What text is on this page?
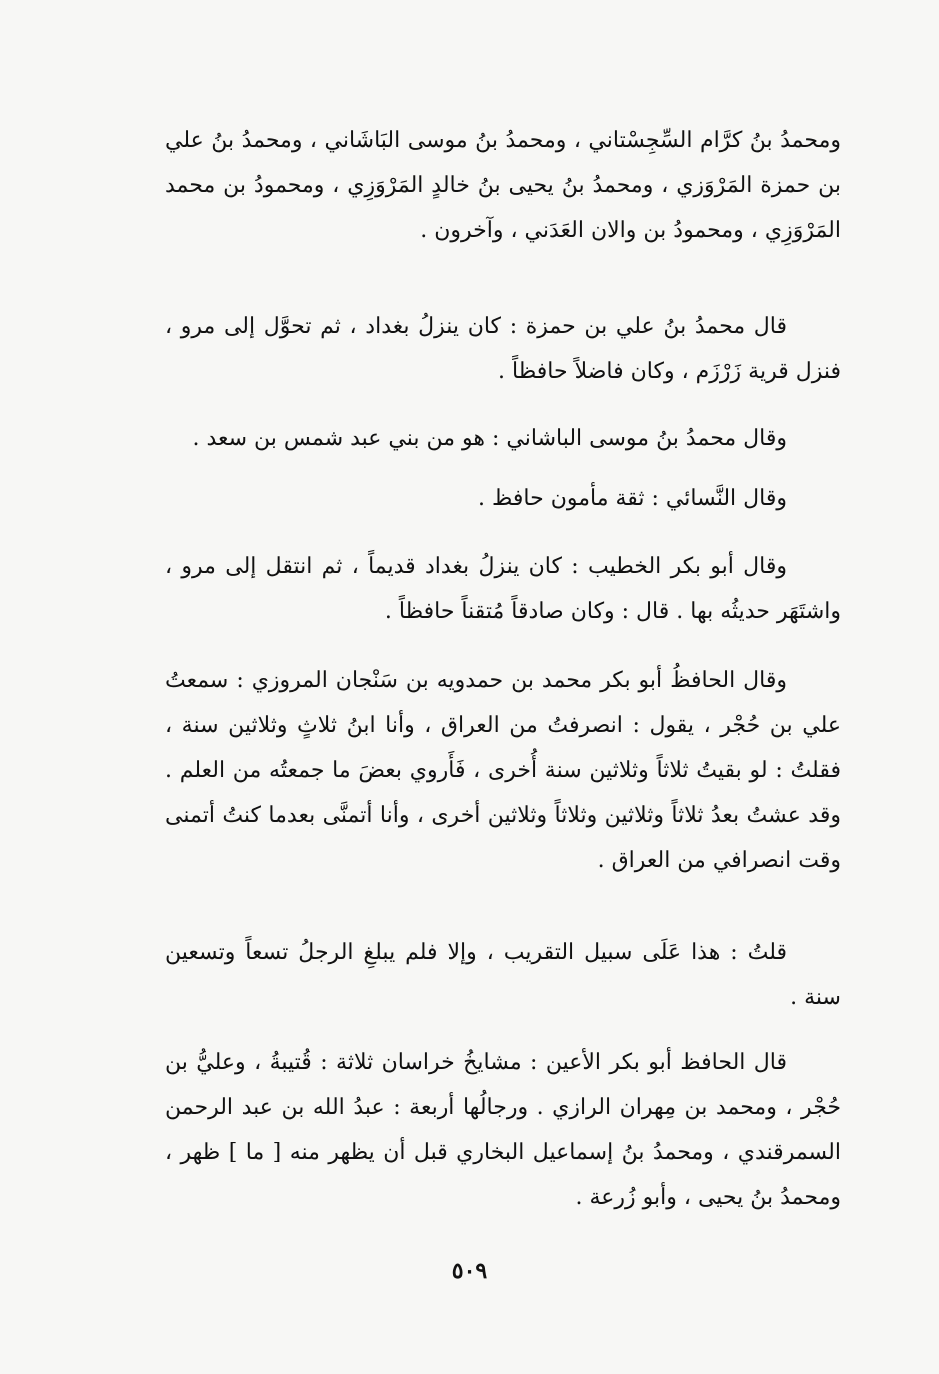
ومحمدُ بنُ كرَّام السِّجِسْتاني ، ومحمدُ بنُ موسى البَاشَاني ، ومحمدُ بنُ علي بن حمزة المَرْوَزي ، ومحمدُ بنُ يحيى بنُ خالدٍ المَرْوَزِي ، ومحمودُ بن محمد المَرْوَزِي ، ومحمودُ بن والان العَدَني ، وآخرون .

قال محمدُ بنُ علي بن حمزة : كان ينزلُ بغداد ، ثم تحوَّل إلى مرو ، فنزل قرية زَرْزَم ، وكان فاضلاً حافظاً .

وقال محمدُ بنُ موسى الباشاني : هو من بني عبد شمس بن سعد .

وقال النَّسائي : ثقة مأمون حافظ .

وقال أبو بكر الخطيب : كان ينزلُ بغداد قديماً ، ثم انتقل إلى مرو ، واشتَهَر حديثُه بها . قال : وكان صادقاً مُتقناً حافظاً .

وقال الحافظُ أبو بكر محمد بن حمدويه بن سَنْجان المروزي : سمعتُ علي بن حُجْر ، يقول : انصرفتُ من العراق ، وأنا ابنُ ثلاثٍ وثلاثين سنة ، فقلتُ : لو بقيتُ ثلاثاً وثلاثين سنة أُخرى ، فَأَروي بعضَ ما جمعتُه من العلم . وقد عشتُ بعدُ ثلاثاً وثلاثين وثلاثاً وثلاثين أخرى ، وأنا أتمنَّى بعدما كنتُ أتمنى وقت انصرافي من العراق .

قلتُ : هذا عَلَى سبيل التقريب ، وإلا فلم يبلغِ الرجلُ تسعاً وتسعين سنة .

قال الحافظ أبو بكر الأعين : مشايخُ خراسان ثلاثة : قُتيبةُ ، وعليُّ بن حُجْر ، ومحمد بن مِهران الرازي . ورجالُها أربعة : عبدُ الله بن عبد الرحمن السمرقندي ، ومحمدُ بنُ إسماعيل البخاري قبل أن يظهر منه [ ما ] ظهر ، ومحمدُ بنُ يحيى ، وأبو زُرعة .

٥٠٩
